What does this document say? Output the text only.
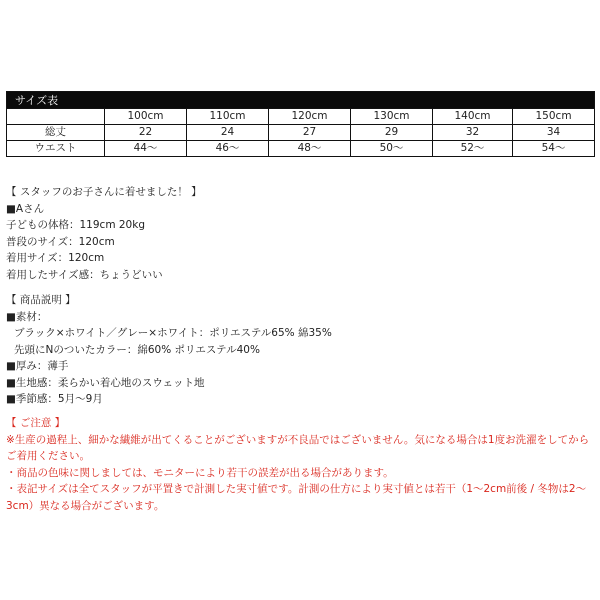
サイズ表						
	100cm	110cm	120cm	130cm	140cm	150cm
総丈	22	24	27	29	32	34
ウエスト	44～	46～	48～	50～	52～	54～
【 スタッフのお子さんに着せました！ 】
■Aさん
子どもの体格：119cm 20kg
普段のサイズ：120cm
着用サイズ：120cm
着用したサイズ感：ちょうどいい
【 商品説明 】
■素材：
ブラック×ホワイト／グレー×ホワイト：ポリエステル65% 綿35%
先頭にNのついたカラー：綿60% ポリエステル40%
■厚み：薄手
■生地感：柔らかい着心地のスウェット地
■季節感：5月～9月
【 ご注意 】
※生産の過程上、細かな繊維が出てくることがございますが不良品ではございません。気になる場合は1度お洗濯をしてから
ご着用ください。
・商品の色味に関しましては、モニターにより若干の誤差が出る場合があります。
・表記サイズは全てスタッフが平置きで計測した実寸値です。計測の仕方により実寸値とは若干（1～2cm前後 / 冬物は2～
3cm）異なる場合がございます。
